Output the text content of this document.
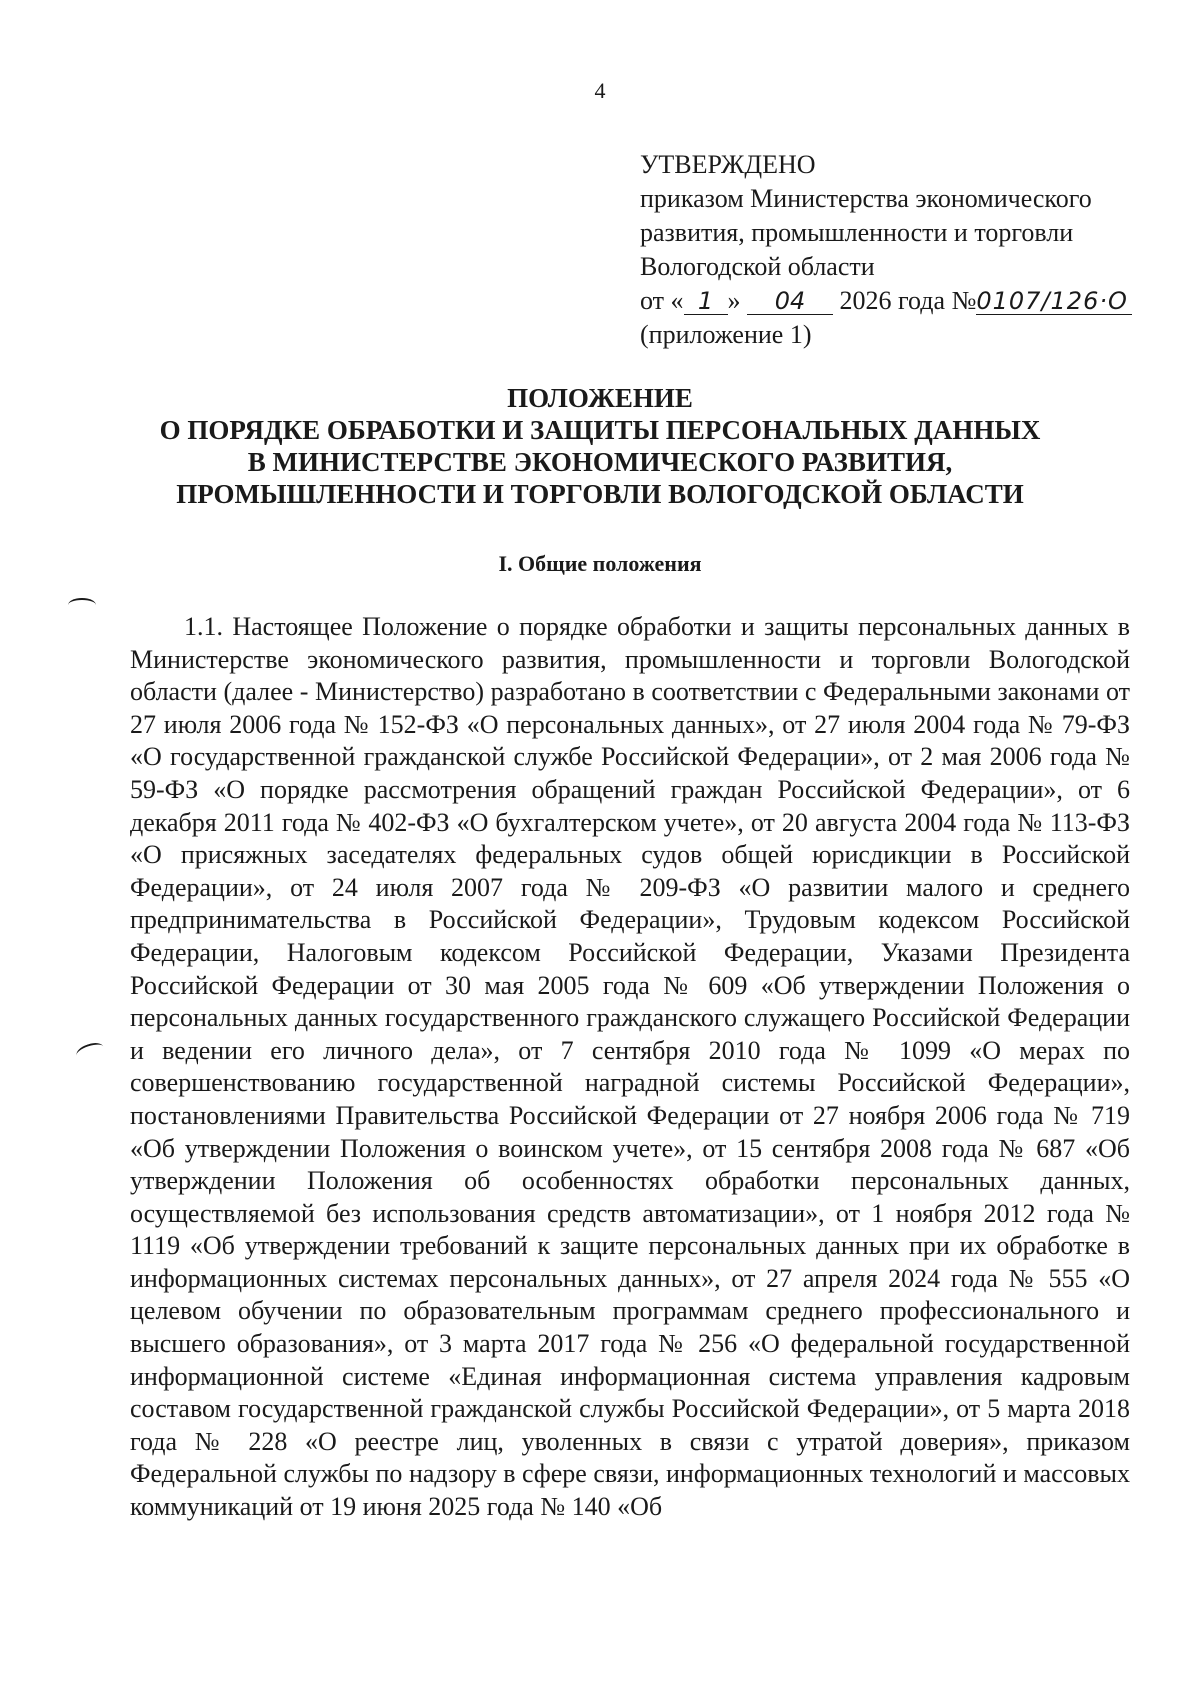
4
УТВЕРЖДЕНО
приказом Министерства экономического
развития, промышленности и торговли
Вологодской области
от « 1 » 04 2026 года №0107/126·О
(приложение 1)
ПОЛОЖЕНИЕ
О ПОРЯДКЕ ОБРАБОТКИ И ЗАЩИТЫ ПЕРСОНАЛЬНЫХ ДАННЫХ
В МИНИСТЕРСТВЕ ЭКОНОМИЧЕСКОГО РАЗВИТИЯ,
ПРОМЫШЛЕННОСТИ И ТОРГОВЛИ ВОЛОГОДСКОЙ ОБЛАСТИ
I. Общие положения

1.1. Настоящее Положение о порядке обработки и защиты персональных данных в Министерстве экономического развития, промышленности и торговли Вологодской области (далее - Министерство) разработано в соответствии с Федеральными законами от 27 июля 2006 года № 152-ФЗ «О персональных данных», от 27 июля 2004 года № 79-ФЗ «О государственной гражданской службе Российской Федерации», от 2 мая 2006 года № 59-ФЗ «О порядке рассмотрения обращений граждан Российской Федерации», от 6 декабря 2011 года № 402-ФЗ «О бухгалтерском учете», от 20 августа 2004 года № 113-ФЗ «О присяжных заседателях федеральных судов общей юрисдикции в Российской Федерации», от 24 июля 2007 года № 209-ФЗ «О развитии малого и среднего предпринимательства в Российской Федерации», Трудовым кодексом Российской Федерации, Налоговым кодексом Российской Федерации, Указами Президента Российской Федерации от 30 мая 2005 года № 609 «Об утверждении Положения о персональных данных государственного гражданского служащего Российской Федерации и ведении его личного дела», от 7 сентября 2010 года № 1099 «О мерах по совершенствованию государственной наградной системы Российской Федерации», постановлениями Правительства Российской Федерации от 27 ноября 2006 года № 719 «Об утверждении Положения о воинском учете», от 15 сентября 2008 года № 687 «Об утверждении Положения об особенностях обработки персональных данных, осуществляемой без использования средств автоматизации», от 1 ноября 2012 года № 1119 «Об утверждении требований к защите персональных данных при их обработке в информационных системах персональных данных», от 27 апреля 2024 года № 555 «О целевом обучении по образовательным программам среднего профессионального и высшего образования», от 3 марта 2017 года № 256 «О федеральной государственной информационной системе «Единая информационная система управления кадровым составом государственной гражданской службы Российской Федерации», от 5 марта 2018 года № 228 «О реестре лиц, уволенных в связи с утратой доверия», приказом Федеральной службы по надзору в сфере связи, информационных технологий и массовых коммуникаций от 19 июня 2025 года № 140 «Об
